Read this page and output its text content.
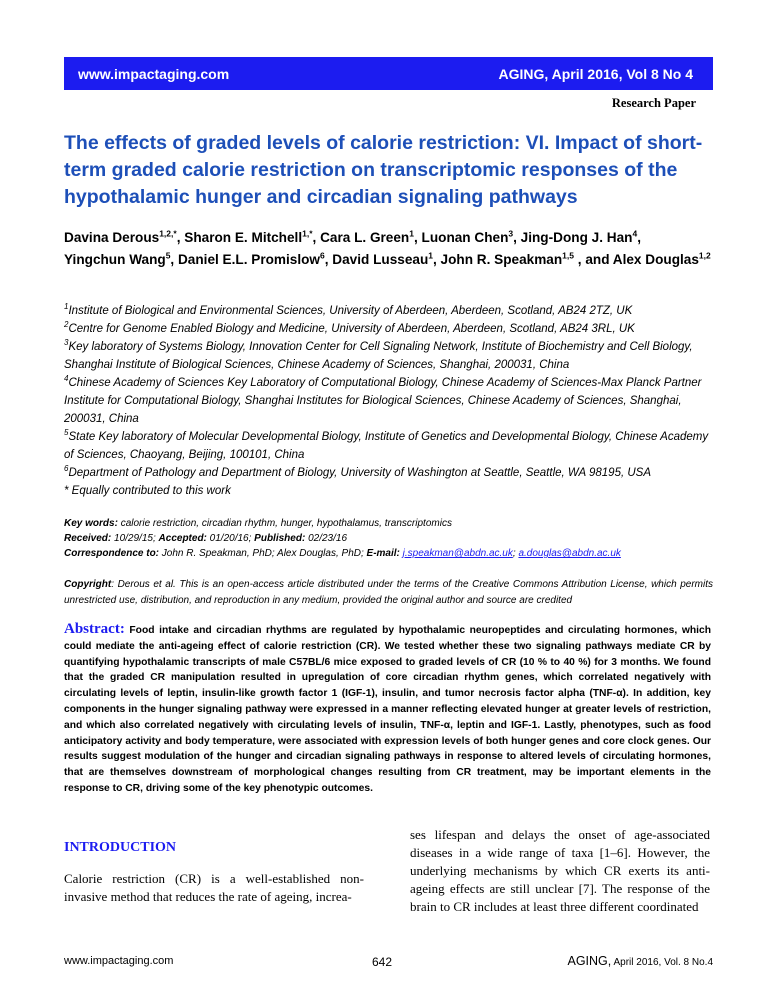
www.impactaging.com	AGING, April 2016, Vol 8 No 4
Research Paper
The effects of graded levels of calorie restriction: VI. Impact of short-term graded calorie restriction on transcriptomic responses of the hypothalamic hunger and circadian signaling pathways
Davina Derous$^{1,2,*}$, Sharon E. Mitchell$^{1,*}$, Cara L. Green$^1$, Luonan Chen$^3$, Jing-Dong J. Han$^4$,
Yingchun Wang$^5$, Daniel E.L. Promislow$^6$, David Lusseau$^1$, John R. Speakman$^{1,5}$ , and Alex Douglas$^{1,2}$
$^1$Institute of Biological and Environmental Sciences, University of Aberdeen, Aberdeen, Scotland, AB24 2TZ, UK
$^2$Centre for Genome Enabled Biology and Medicine, University of Aberdeen, Aberdeen, Scotland, AB24 3RL, UK
$^3$Key laboratory of Systems Biology, Innovation Center for Cell Signaling Network, Institute of Biochemistry and Cell Biology, Shanghai Institute of Biological Sciences, Chinese Academy of Sciences, Shanghai, 200031, China
$^4$Chinese Academy of Sciences Key Laboratory of Computational Biology, Chinese Academy of Sciences-Max Planck Partner Institute for Computational Biology, Shanghai Institutes for Biological Sciences, Chinese Academy of Sciences, Shanghai, 200031, China
$^5$State Key laboratory of Molecular Developmental Biology, Institute of Genetics and Developmental Biology, Chinese Academy of Sciences, Chaoyang, Beijing, 100101, China
$^6$Department of Pathology and Department of Biology, University of Washington at Seattle, Seattle, WA 98195, USA
* Equally contributed to this work
Key words: calorie restriction, circadian rhythm, hunger, hypothalamus, transcriptomics
Received: 10/29/15; Accepted: 01/20/16; Published: 02/23/16
Correspondence to: John R. Speakman, PhD; Alex Douglas, PhD; E-mail: j.speakman@abdn.ac.uk; a.douglas@abdn.ac.uk
Copyright: Derous et al. This is an open-access article distributed under the terms of the Creative Commons Attribution License, which permits unrestricted use, distribution, and reproduction in any medium, provided the original author and source are credited
Abstract: Food intake and circadian rhythms are regulated by hypothalamic neuropeptides and circulating hormones, which could mediate the anti-ageing effect of calorie restriction (CR). We tested whether these two signaling pathways mediate CR by quantifying hypothalamic transcripts of male C57BL/6 mice exposed to graded levels of CR (10 % to 40 %) for 3 months. We found that the graded CR manipulation resulted in upregulation of core circadian rhythm genes, which correlated negatively with circulating levels of leptin, insulin-like growth factor 1 (IGF-1), insulin, and tumor necrosis factor alpha (TNF-α). In addition, key components in the hunger signaling pathway were expressed in a manner reflecting elevated hunger at greater levels of restriction, and which also correlated negatively with circulating levels of insulin, TNF-α, leptin and IGF-1. Lastly, phenotypes, such as food anticipatory activity and body temperature, were associated with expression levels of both hunger genes and core clock genes. Our results suggest modulation of the hunger and circadian signaling pathways in response to altered levels of circulating hormones, that are themselves downstream of morphological changes resulting from CR treatment, may be important elements in the response to CR, driving some of the key phenotypic outcomes.
INTRODUCTION
Calorie restriction (CR) is a well-established non-invasive method that reduces the rate of ageing, increa-
ses lifespan and delays the onset of age-associated diseases in a wide range of taxa [1–6]. However, the underlying mechanisms by which CR exerts its anti-ageing effects are still unclear [7]. The response of the brain to CR includes at least three different coordinated
www.impactaging.com	642	AGING, April 2016, Vol. 8 No.4
